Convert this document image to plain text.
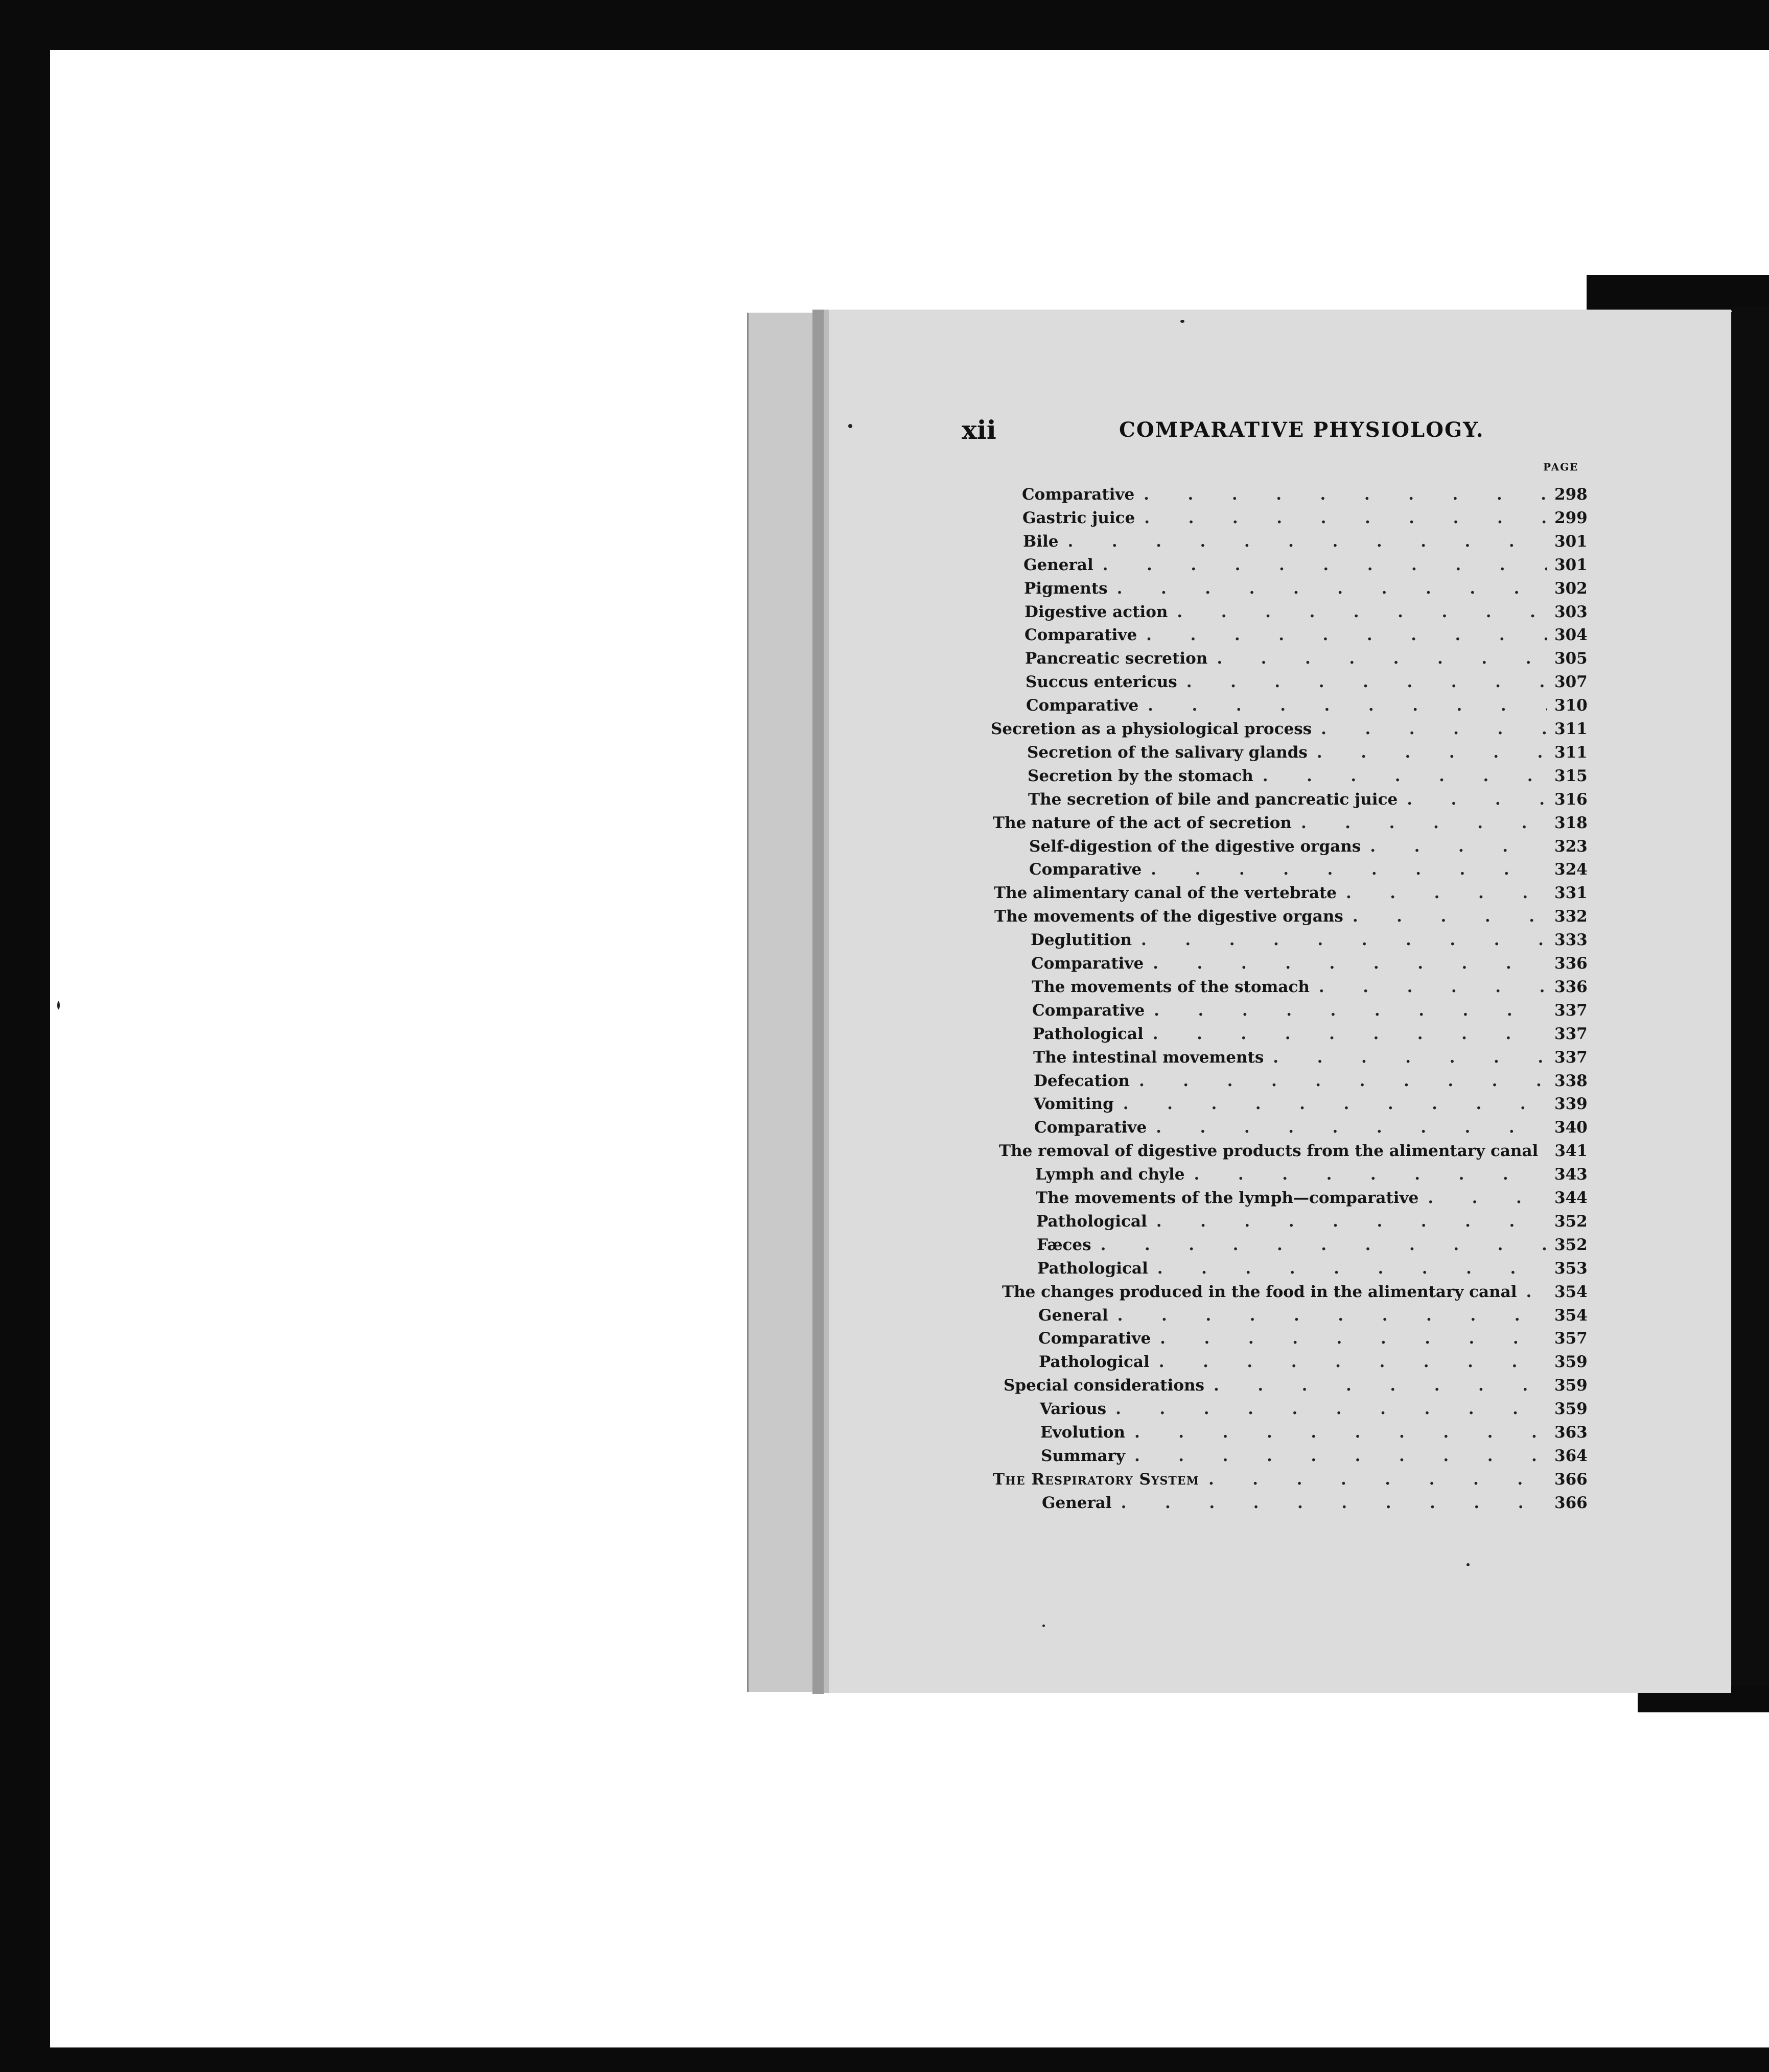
xii	COMPARATIVE PHYSIOLOGY.
PAGE
Comparative .	298
Gastric juice .	299
Bile .	301
General .	301
Pigments .	302
Digestive action .	303
Comparative .	304
Pancreatic secretion .	305
Succus entericus .	307
Comparative .	310
Secretion as a physiological process .	311
Secretion of the salivary glands .	311
Secretion by the stomach .	315
The secretion of bile and pancreatic juice .	316
The nature of the act of secretion .	318
Self-digestion of the digestive organs .	323
Comparative .	324
The alimentary canal of the vertebrate .	331
The movements of the digestive organs .	332
Deglutition .	333
Comparative .	336
The movements of the stomach .	336
Comparative .	337
Pathological .	337
The intestinal movements .	337
Defecation .	338
Vomiting .	339
Comparative .	340
The removal of digestive products from the alimentary canal 341
Lymph and chyle .	343
The movements of the lymph—comparative .	344
Pathological .	352
Fæces .	352
Pathological .	353
The changes produced in the food in the alimentary canal . 354
General .	354
Comparative .	357
Pathological .	359
Special considerations .	359
Various .	359
Evolution .	363
Summary .	364
The Respiratory System .	366
General .	366
